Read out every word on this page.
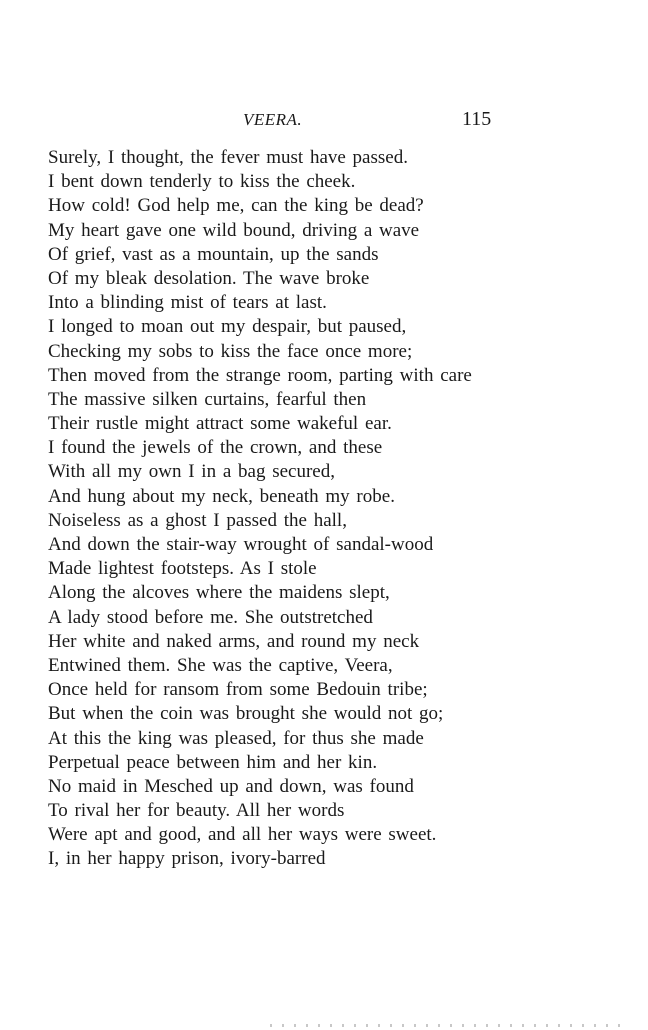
VEERA.	115
Surely, I thought, the fever must have passed.
I bent down tenderly to kiss the cheek.
How cold! God help me, can the king be dead?
My heart gave one wild bound, driving a wave
Of grief, vast as a mountain, up the sands
Of my bleak desolation. The wave broke
Into a blinding mist of tears at last.
I longed to moan out my despair, but paused,
Checking my sobs to kiss the face once more;
Then moved from the strange room, parting with care
The massive silken curtains, fearful then
Their rustle might attract some wakeful ear.
I found the jewels of the crown, and these
With all my own I in a bag secured,
And hung about my neck, beneath my robe.
Noiseless as a ghost I passed the hall,
And down the stair-way wrought of sandal-wood
Made lightest footsteps. As I stole
Along the alcoves where the maidens slept,
A lady stood before me. She outstretched
Her white and naked arms, and round my neck
Entwined them. She was the captive, Veera,
Once held for ransom from some Bedouin tribe;
But when the coin was brought she would not go;
At this the king was pleased, for thus she made
Perpetual peace between him and her kin.
No maid in Mesched up and down, was found
To rival her for beauty. All her words
Were apt and good, and all her ways were sweet.
I, in her happy prison, ivory-barred
